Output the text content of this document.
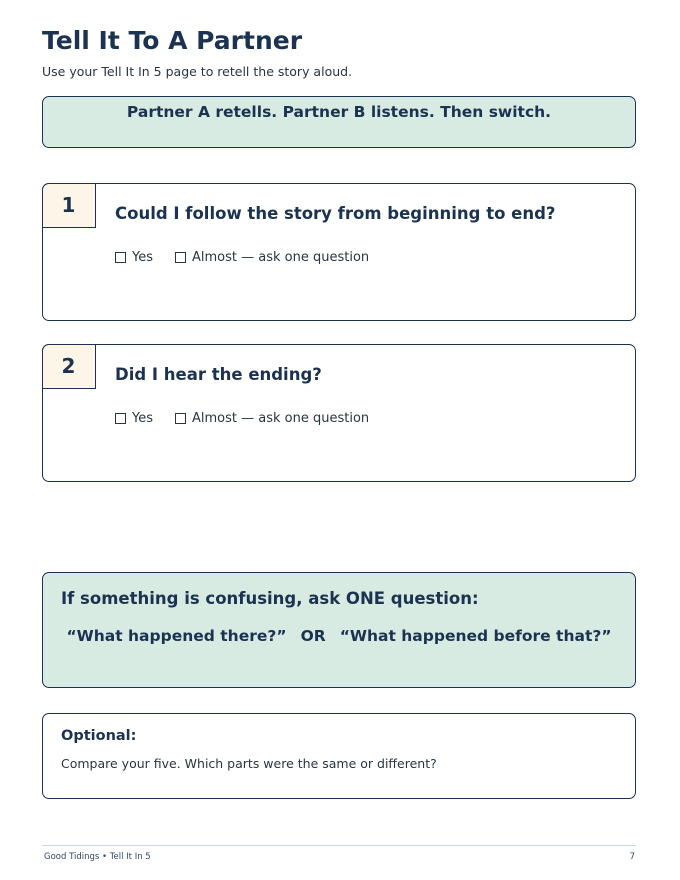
Tell It To A Partner
Use your Tell It In 5 page to retell the story aloud.
Partner A retells. Partner B listens. Then switch.
1	Could I follow the story from beginning to end?
Yes	Almost — ask one question
2	Did I hear the ending?
Yes	Almost — ask one question
If something is confusing, ask ONE question:
“What happened there?” OR “What happened before that?”
Optional:
Compare your five. Which parts were the same or different?
Good Tidings • Tell It In 5	7
